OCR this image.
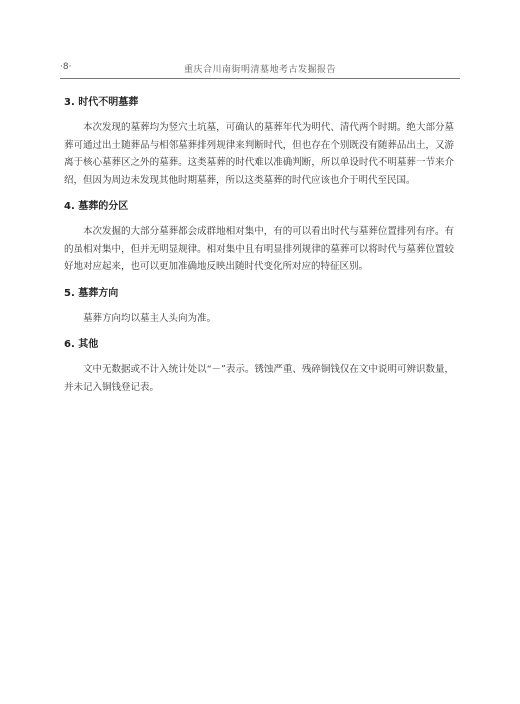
·8·	重庆合川南街明清墓地考古发掘报告

3. 时代不明墓葬

本次发现的墓葬均为竖穴土坑墓，可确认的墓葬年代为明代、清代两个时期。绝大部分墓葬可通过出土随葬品与相邻墓葬排列规律来判断时代，但也存在个别既没有随葬品出土，又游离于核心墓葬区之外的墓葬。这类墓葬的时代难以准确判断，所以单设时代不明墓葬一节来介绍，但因为周边未发现其他时期墓葬，所以这类墓葬的时代应该也介于明代至民国。

4. 墓葬的分区

本次发掘的大部分墓葬都会成群地相对集中，有的可以看出时代与墓葬位置排列有序。有的虽相对集中，但并无明显规律。相对集中且有明显排列规律的墓葬可以将时代与墓葬位置较好地对应起来，也可以更加准确地反映出随时代变化所对应的特征区别。

5. 墓葬方向

墓葬方向均以墓主人头向为准。

6. 其他

文中无数据或不计入统计处以“－”表示。锈蚀严重、残碎铜钱仅在文中说明可辨识数量，并未记入铜钱登记表。
